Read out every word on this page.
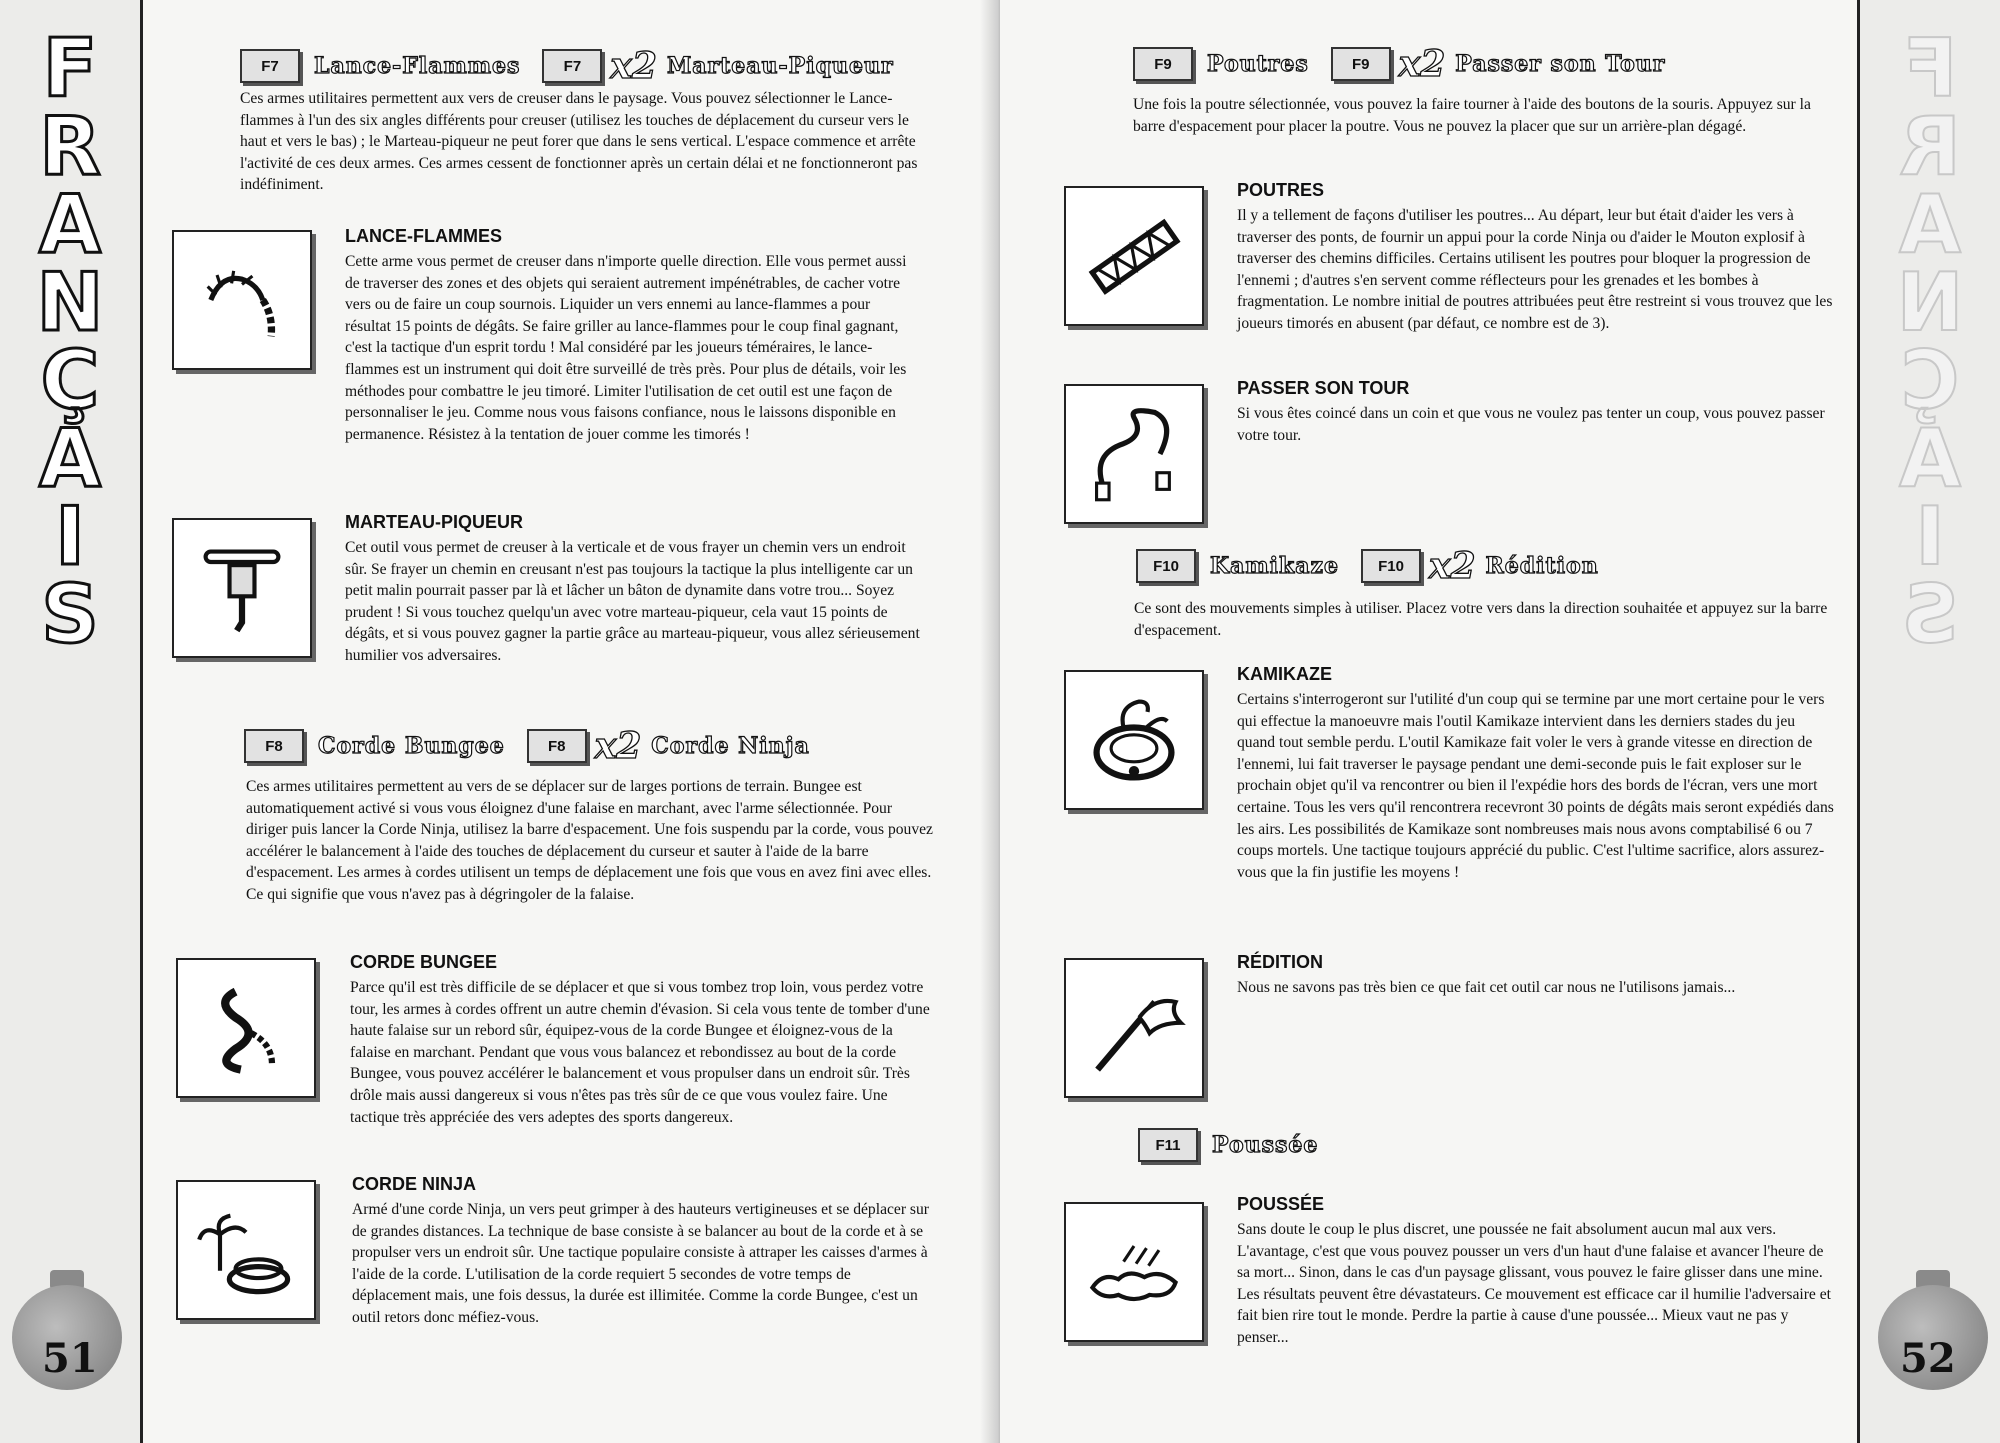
F
R
A
N
Ç
A
I
S
51
F7	Lance-Flammes	F7 x2 Marteau-Piqueur

Ces armes utilitaires permettent aux vers de creuser dans le paysage. Vous pouvez sélectionner le Lance-flammes à l'un des six angles différents pour creuser (utilisez les touches de déplacement du curseur vers le haut et vers le bas) ; le Marteau-piqueur ne peut forer que dans le sens vertical. L'espace commence et arrête l'activité de ces deux armes. Ces armes cessent de fonctionner après un certain délai et ne fonctionneront pas indéfiniment.

LANCE-FLAMMES

Cette arme vous permet de creuser dans n'importe quelle direction. Elle vous permet aussi de traverser des zones et des objets qui seraient autrement impénétrables, de cacher votre vers ou de faire un coup sournois. Liquider un vers ennemi au lance-flammes a pour résultat 15 points de dégâts. Se faire griller au lance-flammes pour le coup final gagnant, c'est la tactique d'un esprit tordu ! Mal considéré par les joueurs téméraires, le lance-flammes est un instrument qui doit être surveillé de très près. Pour plus de détails, voir les méthodes pour combattre le jeu timoré. Limiter l'utilisation de cet outil est une façon de personnaliser le jeu. Comme nous vous faisons confiance, nous le laissons disponible en permanence. Résistez à la tentation de jouer comme les timorés !

MARTEAU-PIQUEUR

Cet outil vous permet de creuser à la verticale et de vous frayer un chemin vers un endroit sûr. Se frayer un chemin en creusant n'est pas toujours la tactique la plus intelligente car un petit malin pourrait passer par là et lâcher un bâton de dynamite dans votre trou... Soyez prudent ! Si vous touchez quelqu'un avec votre marteau-piqueur, cela vaut 15 points de dégâts, et si vous pouvez gagner la partie grâce au marteau-piqueur, vous allez sérieusement humilier vos adversaires.

F8	Corde Bungee	F8 x2 Corde Ninja

Ces armes utilitaires permettent au vers de se déplacer sur de larges portions de terrain. Bungee est automatiquement activé si vous vous éloignez d'une falaise en marchant, avec l'arme sélectionnée. Pour diriger puis lancer la Corde Ninja, utilisez la barre d'espacement. Une fois suspendu par la corde, vous pouvez accélérer le balancement à l'aide des touches de déplacement du curseur et sauter à l'aide de la barre d'espacement. Les armes à cordes utilisent un temps de déplacement une fois que vous en avez fini avec elles. Ce qui signifie que vous n'avez pas à dégringoler de la falaise.

CORDE BUNGEE

Parce qu'il est très difficile de se déplacer et que si vous tombez trop loin, vous perdez votre tour, les armes à cordes offrent un autre chemin d'évasion. Si cela vous tente de tomber d'une haute falaise sur un rebord sûr, équipez-vous de la corde Bungee et éloignez-vous de la falaise en marchant. Pendant que vous vous balancez et rebondissez au bout de la corde Bungee, vous pouvez accélérer le balancement et vous propulser dans un endroit sûr. Très drôle mais aussi dangereux si vous n'êtes pas très sûr de ce que vous voulez faire. Une tactique très appréciée des vers adeptes des sports dangereux.

CORDE NINJA

Armé d'une corde Ninja, un vers peut grimper à des hauteurs vertigineuses et se déplacer sur de grandes distances. La technique de base consiste à se balancer au bout de la corde et à se propulser vers un endroit sûr. Une tactique populaire consiste à attraper les caisses d'armes à l'aide de la corde. L'utilisation de la corde requiert 5 secondes de votre temps de déplacement mais, une fois dessus, la durée est illimitée. Comme la corde Bungee, c'est un outil retors donc méfiez-vous.

F
R
A
N
Ç
A
I
S
52
F9	Poutres	F9 x2 Passer son Tour

Une fois la poutre sélectionnée, vous pouvez la faire tourner à l'aide des boutons de la souris. Appuyez sur la barre d'espacement pour placer la poutre. Vous ne pouvez la placer que sur un arrière-plan dégagé.

POUTRES

Il y a tellement de façons d'utiliser les poutres... Au départ, leur but était d'aider les vers à traverser des ponts, de fournir un appui pour la corde Ninja ou d'aider le Mouton explosif à traverser des chemins difficiles. Certains utilisent les poutres pour bloquer la progression de l'ennemi ; d'autres s'en servent comme réflecteurs pour les grenades et les bombes à fragmentation. Le nombre initial de poutres attribuées peut être restreint si vous trouvez que les joueurs timorés en abusent (par défaut, ce nombre est de 3).

PASSER SON TOUR

Si vous êtes coincé dans un coin et que vous ne voulez pas tenter un coup, vous pouvez passer votre tour.

F10	Kamikaze	F10 x2 Rédition

Ce sont des mouvements simples à utiliser. Placez votre vers dans la direction souhaitée et appuyez sur la barre d'espacement.

KAMIKAZE

Certains s'interrogeront sur l'utilité d'un coup qui se termine par une mort certaine pour le vers qui effectue la manoeuvre mais l'outil Kamikaze intervient dans les derniers stades du jeu quand tout semble perdu. L'outil Kamikaze fait voler le vers à grande vitesse en direction de l'ennemi, lui fait traverser le paysage pendant une demi-seconde puis le fait exploser sur le prochain objet qu'il va rencontrer ou bien il l'expédie hors des bords de l'écran, vers une mort certaine. Tous les vers qu'il rencontrera recevront 30 points de dégâts mais seront expédiés dans les airs. Les possibilités de Kamikaze sont nombreuses mais nous avons comptabilisé 6 ou 7 coups mortels. Une tactique toujours apprécié du public. C'est l'ultime sacrifice, alors assurez-vous que la fin justifie les moyens !

RÉDITION

Nous ne savons pas très bien ce que fait cet outil car nous ne l'utilisons jamais...

F11	Poussée
POUSSÉE

Sans doute le coup le plus discret, une poussée ne fait absolument aucun mal aux vers. L'avantage, c'est que vous pouvez pousser un vers d'un haut d'une falaise et avancer l'heure de sa mort... Sinon, dans le cas d'un paysage glissant, vous pouvez le faire glisser dans une mine. Les résultats peuvent être dévastateurs. Ce mouvement est efficace car il humilie l'adversaire et fait bien rire tout le monde. Perdre la partie à cause d'une poussée... Mieux vaut ne pas y penser...
